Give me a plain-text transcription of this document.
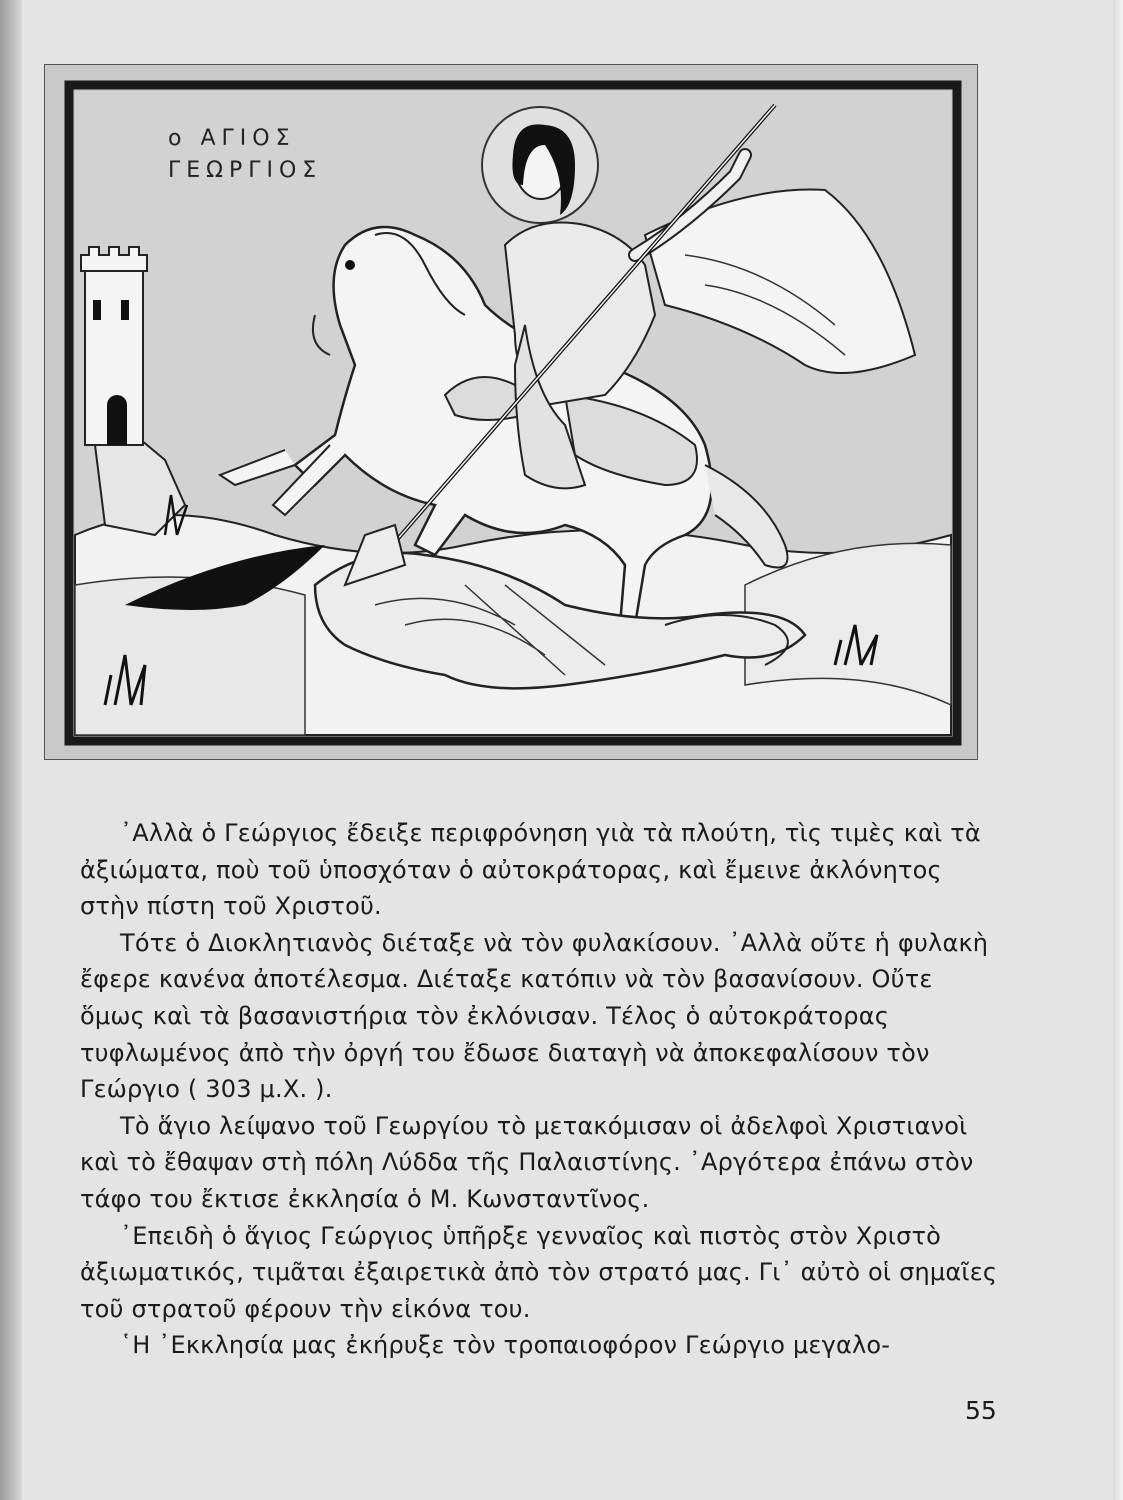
ο ΑΓΙΟΣ
ΓΕΩΡΓΙΟΣ

᾿Αλλὰ ὁ Γεώργιος ἔδειξε περιφρόνηση γιὰ τὰ πλούτη, τὶς τιμὲς καὶ τὰ ἀξιώματα, ποὺ τοῦ ὑποσχόταν ὁ αὐτοκράτορας, καὶ ἔμεινε ἀκλόνητος στὴν πίστη τοῦ Χριστοῦ.

Τότε ὁ Διοκλητιανὸς διέταξε νὰ τὸν φυλακίσουν. ᾿Αλλὰ οὔτε ἡ φυλακὴ ἔφερε κανένα ἀποτέλεσμα. Διέταξε κατόπιν νὰ τὸν βασανίσουν. Οὔτε ὅμως καὶ τὰ βασανιστήρια τὸν ἐκλόνισαν. Τέλος ὁ αὐτοκράτορας τυφλωμένος ἀπὸ τὴν ὀργή του ἔδωσε διαταγὴ νὰ ἀποκεφαλίσουν τὸν Γεώργιο ( 303 μ.Χ. ).

Τὸ ἅγιο λείψανο τοῦ Γεωργίου τὸ μετακόμισαν οἱ ἀδελφοὶ Χριστιανοὶ καὶ τὸ ἔθαψαν στὴ πόλη Λύδδα τῆς Παλαιστίνης. ᾿Αργότερα ἐπάνω στὸν τάφο του ἔκτισε ἐκκλησία ὁ Μ. Κωνσταντῖνος.

᾿Επειδὴ ὁ ἅγιος Γεώργιος ὑπῆρξε γενναῖος καὶ πιστὸς στὸν Χριστὸ ἀξιωματικός, τιμᾶται ἐξαιρετικὰ ἀπὸ τὸν στρατό μας. Γι᾿ αὐτὸ οἱ σημαῖες τοῦ στρατοῦ φέρουν τὴν εἰκόνα του.

῾Η ᾿Εκκλησία μας ἐκήρυξε τὸν τροπαιοφόρον Γεώργιο μεγαλο-

55
